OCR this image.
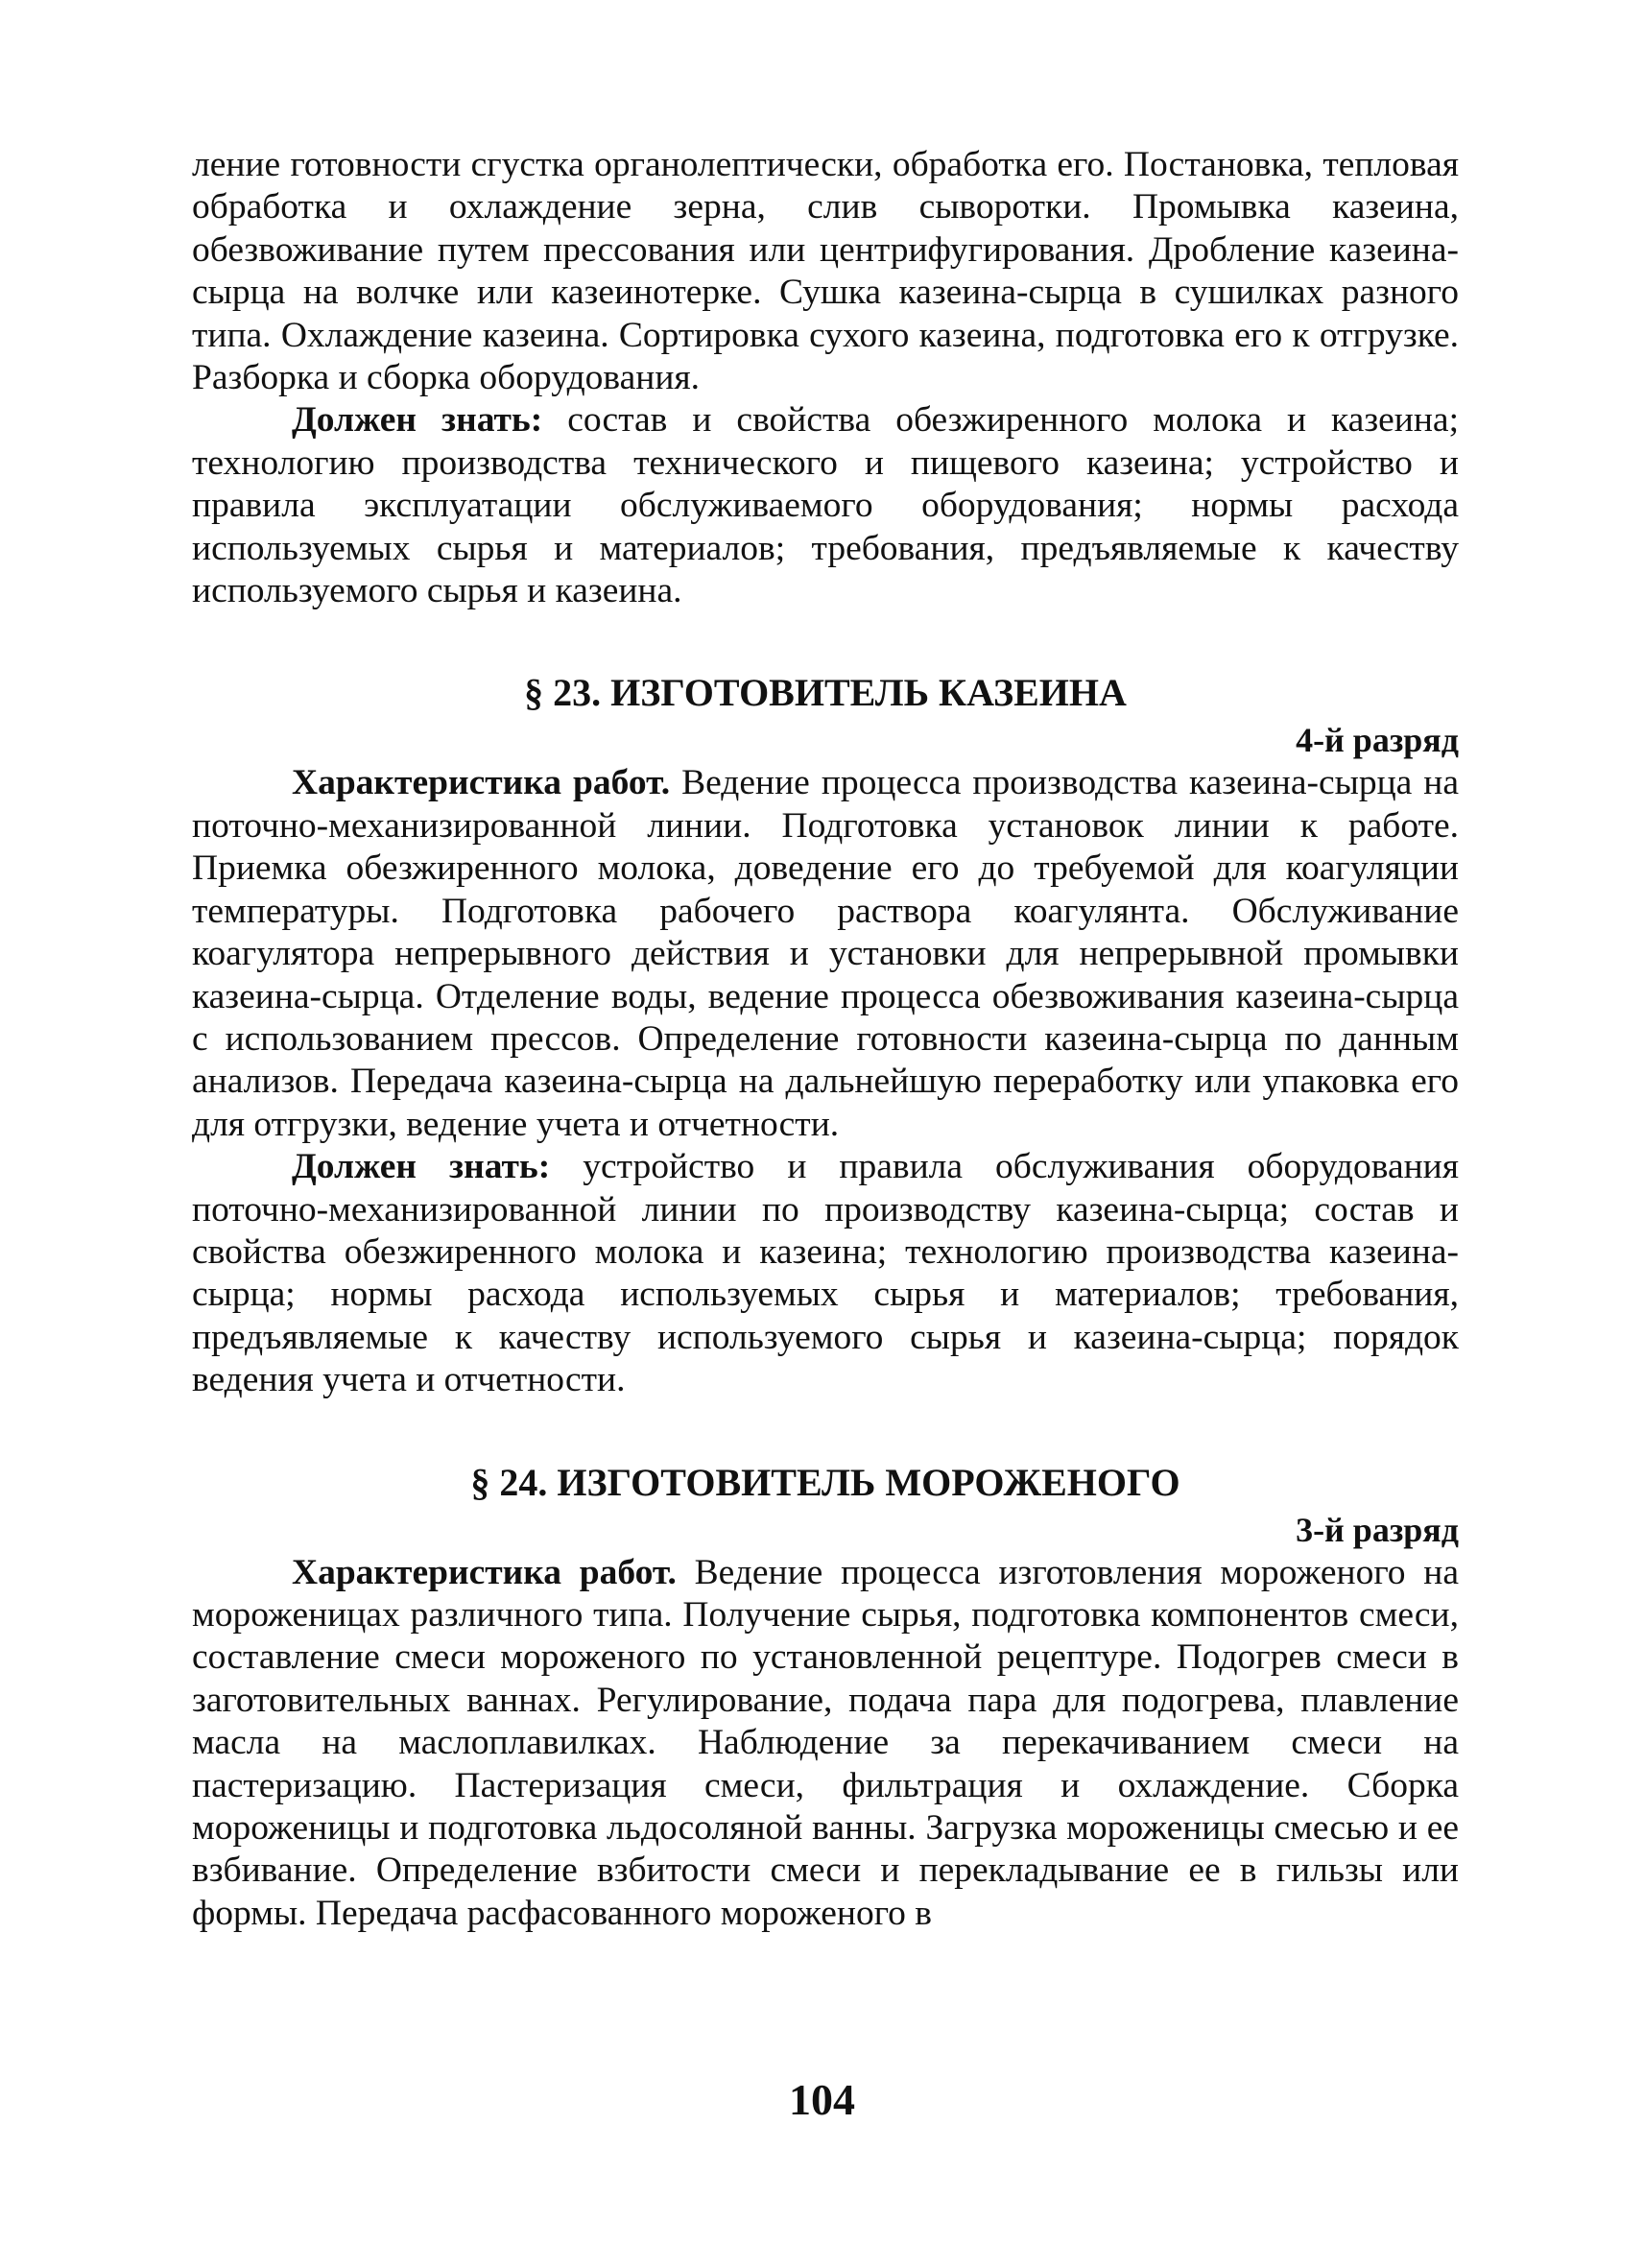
ление готовности сгустка органолептически, обработка его. Постановка, тепловая обработка и охлаждение зерна, слив сыворотки. Промывка казеина, обезвоживание путем прессования или центрифугирования. Дробление казеина-сырца на волчке или казеинотерке. Сушка казеина-сырца в сушилках разного типа. Охлаждение казеина. Сортировка сухого казеина, подготовка его к отгрузке. Разборка и сборка оборудования.

Должен знать: состав и свойства обезжиренного молока и казеина; технологию производства технического и пищевого казеина; устройство и правила эксплуатации обслуживаемого оборудования; нормы расхода используемых сырья и материалов; требования, предъявляемые к качеству используемого сырья и казеина.

§ 23. ИЗГОТОВИТЕЛЬ КАЗЕИНА
4-й разряд

Характеристика работ. Ведение процесса производства казеина-сырца на поточно-механизированной линии. Подготовка установок линии к работе. Приемка обезжиренного молока, доведение его до требуемой для коагуляции температуры. Подготовка рабочего раствора коагулянта. Обслуживание коагулятора непрерывного действия и установки для непрерывной промывки казеина-сырца. Отделение воды, ведение процесса обезвоживания казеина-сырца с использованием прессов. Определение готовности казеина-сырца по данным анализов. Передача казеина-сырца на дальнейшую переработку или упаковка его для отгрузки, ведение учета и отчетности.

Должен знать: устройство и правила обслуживания оборудования поточно-механизированной линии по производству казеина-сырца; состав и свойства обезжиренного молока и казеина; технологию производства казеина-сырца; нормы расхода используемых сырья и материалов; требования, предъявляемые к качеству используемого сырья и казеина-сырца; порядок ведения учета и отчетности.

§ 24. ИЗГОТОВИТЕЛЬ МОРОЖЕНОГО
3-й разряд

Характеристика работ. Ведение процесса изготовления мороженого на мороженицах различного типа. Получение сырья, подготовка компонентов смеси, составление смеси мороженого по установленной рецептуре. Подогрев смеси в заготовительных ваннах. Регулирование, подача пара для подогрева, плавление масла на маслоплавилках. Наблюдение за перекачиванием смеси на пастеризацию. Пастеризация смеси, фильтрация и охлаждение. Сборка мороженицы и подготовка льдосоляной ванны. Загрузка мороженицы смесью и ее взбивание. Определение взбитости смеси и перекладывание ее в гильзы или формы. Передача расфасованного мороженого в

104
